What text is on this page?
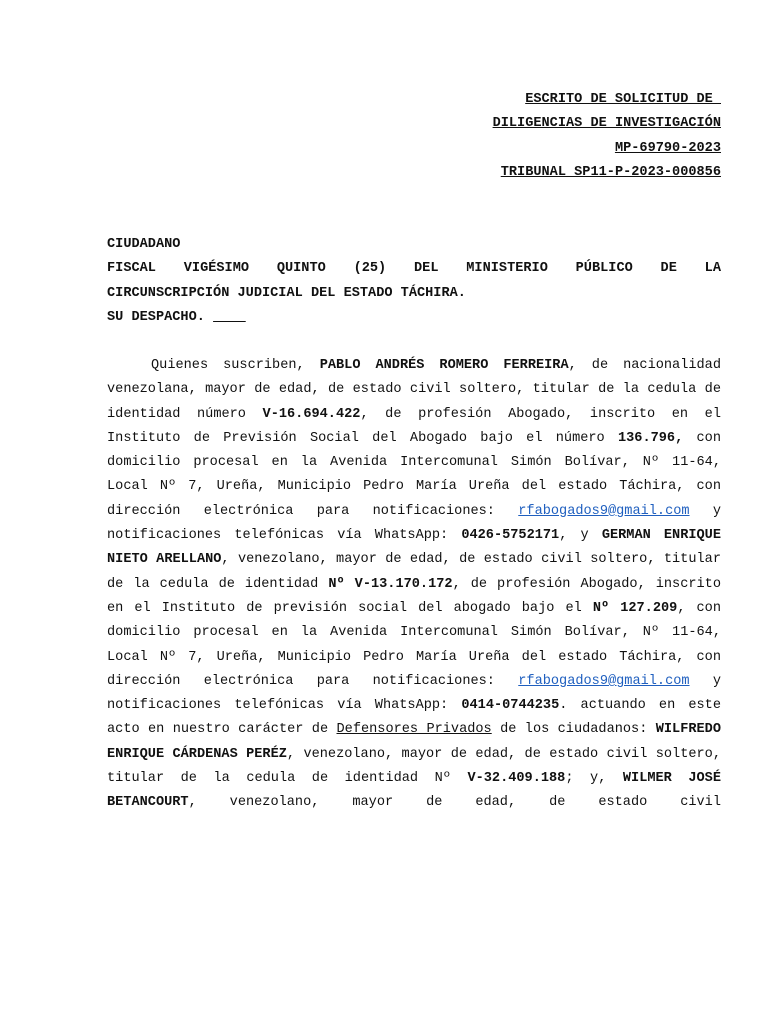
ESCRITO DE SOLICITUD DE
DILIGENCIAS DE INVESTIGACIÓN
MP-69790-2023
TRIBUNAL SP11-P-2023-000856
CIUDADANO
FISCAL VIGÉSIMO QUINTO (25) DEL MINISTERIO PÚBLICO DE LA
CIRCUNSCRIPCIÓN JUDICIAL DEL ESTADO TÁCHIRA.
SU DESPACHO.
Quienes suscriben, PABLO ANDRÉS ROMERO FERREIRA, de nacionalidad venezolana, mayor de edad, de estado civil soltero, titular de la cedula de identidad número V-16.694.422, de profesión Abogado, inscrito en el Instituto de Previsión Social del Abogado bajo el número 136.796, con domicilio procesal en la Avenida Intercomunal Simón Bolívar, Nº 11-64, Local Nº 7, Ureña, Municipio Pedro María Ureña del estado Táchira, con dirección electrónica para notificaciones: rfabogados9@gmail.com y notificaciones telefónicas vía WhatsApp: 0426-5752171, y GERMAN ENRIQUE NIETO ARELLANO, venezolano, mayor de edad, de estado civil soltero, titular de la cedula de identidad Nº V-13.170.172, de profesión Abogado, inscrito en el Instituto de previsión social del abogado bajo el Nº 127.209, con domicilio procesal en la Avenida Intercomunal Simón Bolívar, Nº 11-64, Local Nº 7, Ureña, Municipio Pedro María Ureña del estado Táchira, con dirección electrónica para notificaciones: rfabogados9@gmail.com y notificaciones telefónicas vía WhatsApp: 0414-0744235. actuando en este acto en nuestro carácter de Defensores Privados de los ciudadanos: WILFREDO ENRIQUE CÁRDENAS PERÉZ, venezolano, mayor de edad, de estado civil soltero, titular de la cedula de identidad Nº V-32.409.188; y, WILMER JOSÉ BETANCOURT, venezolano, mayor de edad, de estado civil
